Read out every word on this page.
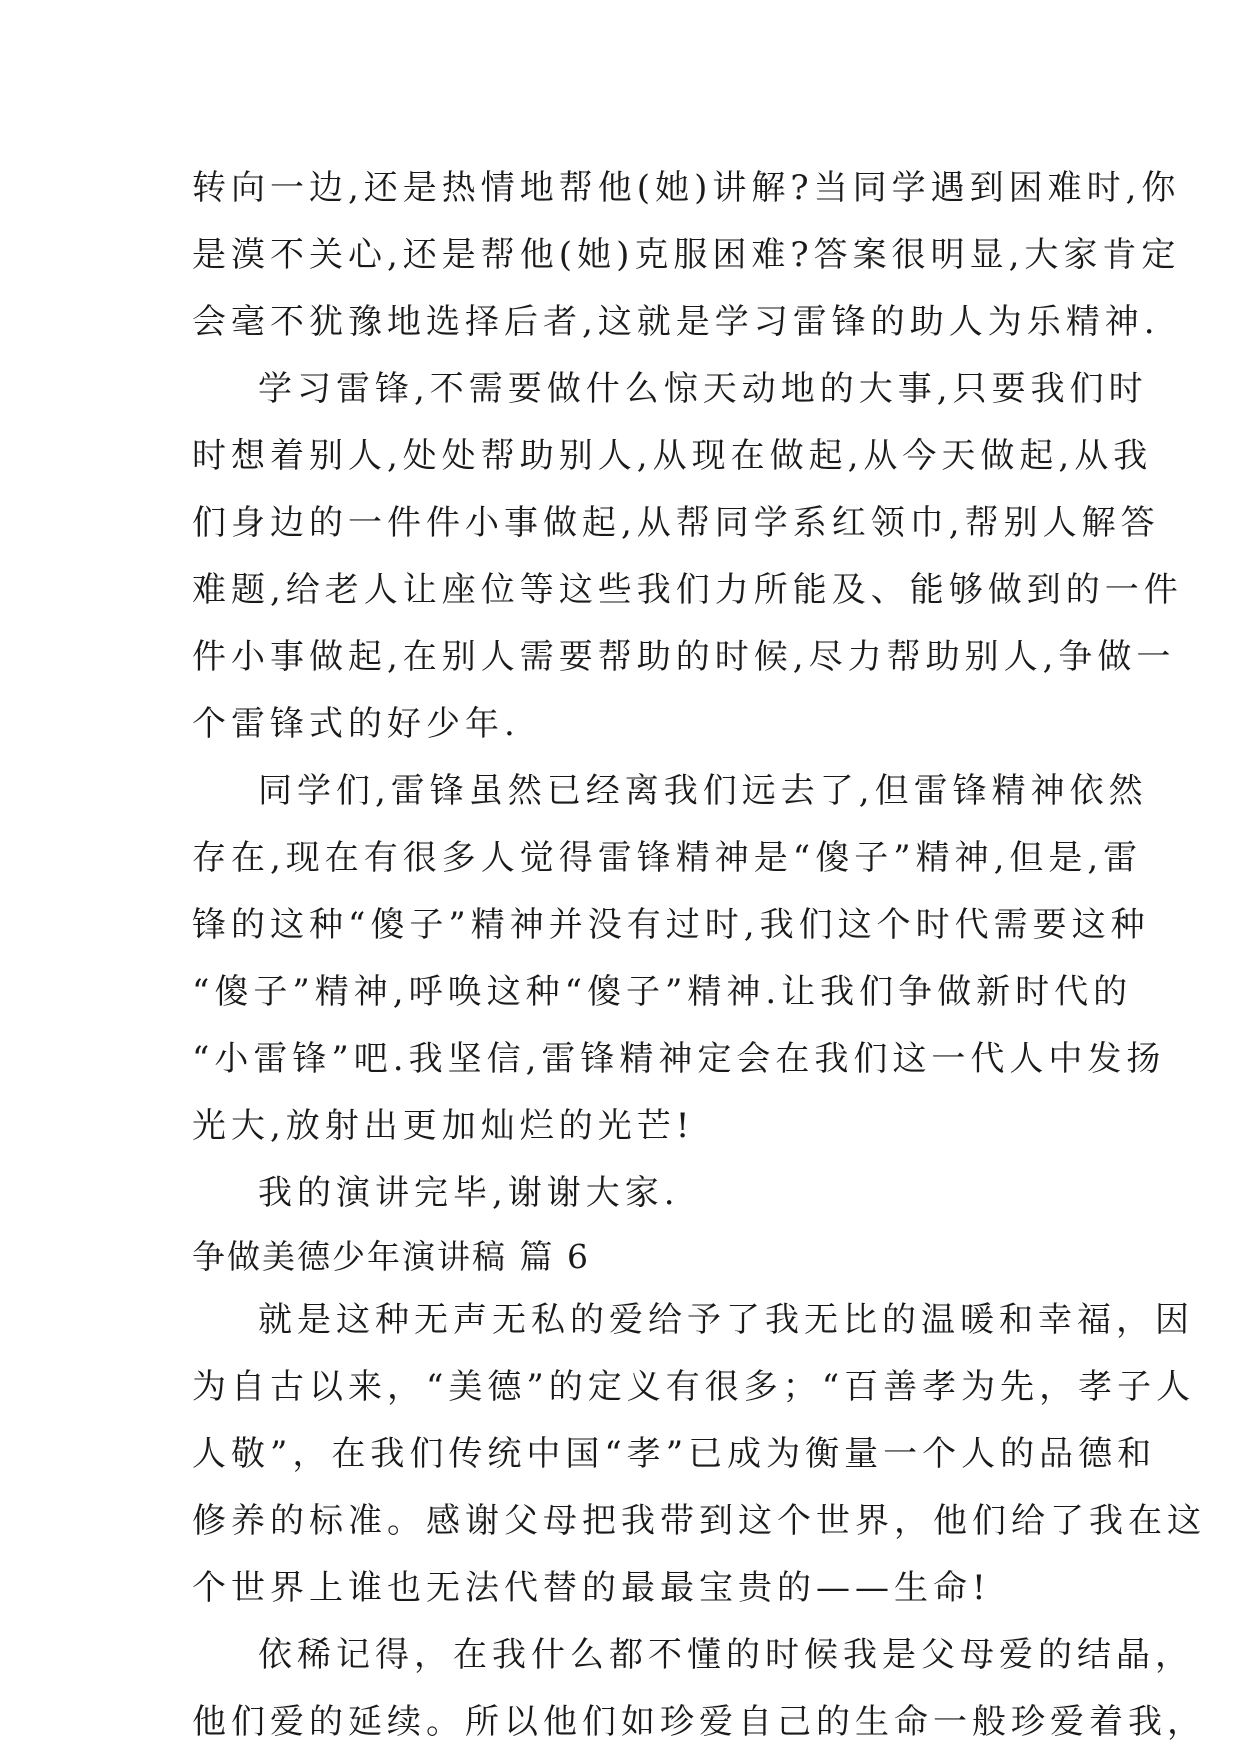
转向一边,还是热情地帮他(她)讲解?当同学遇到困难时,你
是漠不关心,还是帮他(她)克服困难?答案很明显,大家肯定
会毫不犹豫地选择后者,这就是学习雷锋的助人为乐精神.
学习雷锋,不需要做什么惊天动地的大事,只要我们时
时想着别人,处处帮助别人,从现在做起,从今天做起,从我
们身边的一件件小事做起,从帮同学系红领巾,帮别人解答
难题,给老人让座位等这些我们力所能及、能够做到的一件
件小事做起,在别人需要帮助的时候,尽力帮助别人,争做一
个雷锋式的好少年.
同学们,雷锋虽然已经离我们远去了,但雷锋精神依然
存在,现在有很多人觉得雷锋精神是“傻子”精神,但是,雷
锋的这种“傻子”精神并没有过时,我们这个时代需要这种
“傻子”精神,呼唤这种“傻子”精神.让我们争做新时代的
“小雷锋”吧.我坚信,雷锋精神定会在我们这一代人中发扬
光大,放射出更加灿烂的光芒!
我的演讲完毕,谢谢大家.
争做美德少年演讲稿 篇 6
就是这种无声无私的爱给予了我无比的温暖和幸福，因
为自古以来，“美德”的定义有很多；“百善孝为先，孝子人
人敬”，在我们传统中国“孝”已成为衡量一个人的品德和
修养的标准。感谢父母把我带到这个世界，他们给了我在这
个世界上谁也无法代替的最最宝贵的——生命!
依稀记得，在我什么都不懂的时候我是父母爱的结晶，
他们爱的延续。所以他们如珍爱自己的生命一般珍爱着我，
